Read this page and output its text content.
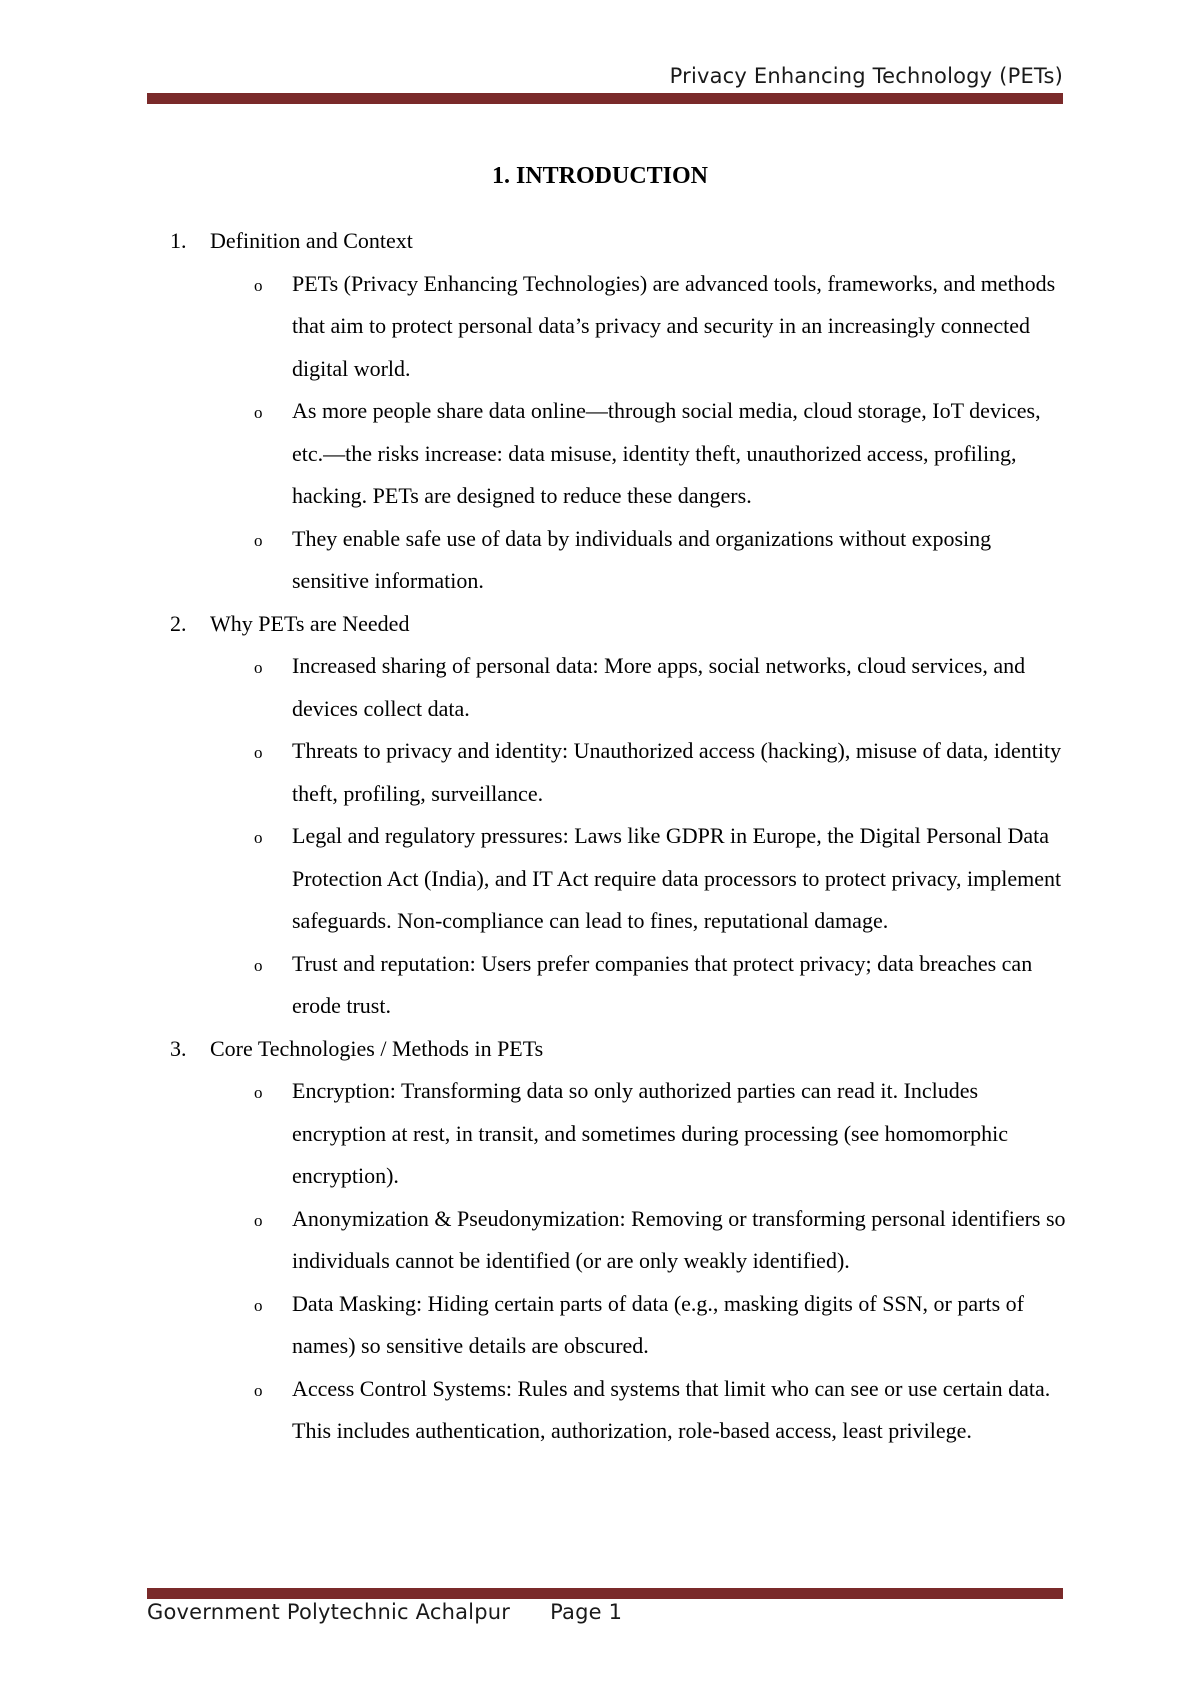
Privacy Enhancing Technology (PETs)
1. INTRODUCTION
1.	Definition and Context
o	PETs (Privacy Enhancing Technologies) are advanced tools, frameworks, and methods that aim to protect personal data’s privacy and security in an increasingly connected digital world.
o	As more people share data online—through social media, cloud storage, IoT devices, etc.—the risks increase: data misuse, identity theft, unauthorized access, profiling, hacking. PETs are designed to reduce these dangers.
o	They enable safe use of data by individuals and organizations without exposing sensitive information.
2.	Why PETs are Needed
o	Increased sharing of personal data: More apps, social networks, cloud services, and devices collect data.
o	Threats to privacy and identity: Unauthorized access (hacking), misuse of data, identity theft, profiling, surveillance.
o	Legal and regulatory pressures: Laws like GDPR in Europe, the Digital Personal Data Protection Act (India), and IT Act require data processors to protect privacy, implement safeguards. Non-compliance can lead to fines, reputational damage.
o	Trust and reputation: Users prefer companies that protect privacy; data breaches can erode trust.
3.	Core Technologies / Methods in PETs
o	Encryption: Transforming data so only authorized parties can read it. Includes encryption at rest, in transit, and sometimes during processing (see homomorphic encryption).
o	Anonymization & Pseudonymization: Removing or transforming personal identifiers so individuals cannot be identified (or are only weakly identified).
o	Data Masking: Hiding certain parts of data (e.g., masking digits of SSN, or parts of names) so sensitive details are obscured.
o	Access Control Systems: Rules and systems that limit who can see or use certain data. This includes authentication, authorization, role-based access, least privilege.
Government Polytechnic Achalpur Page 1
